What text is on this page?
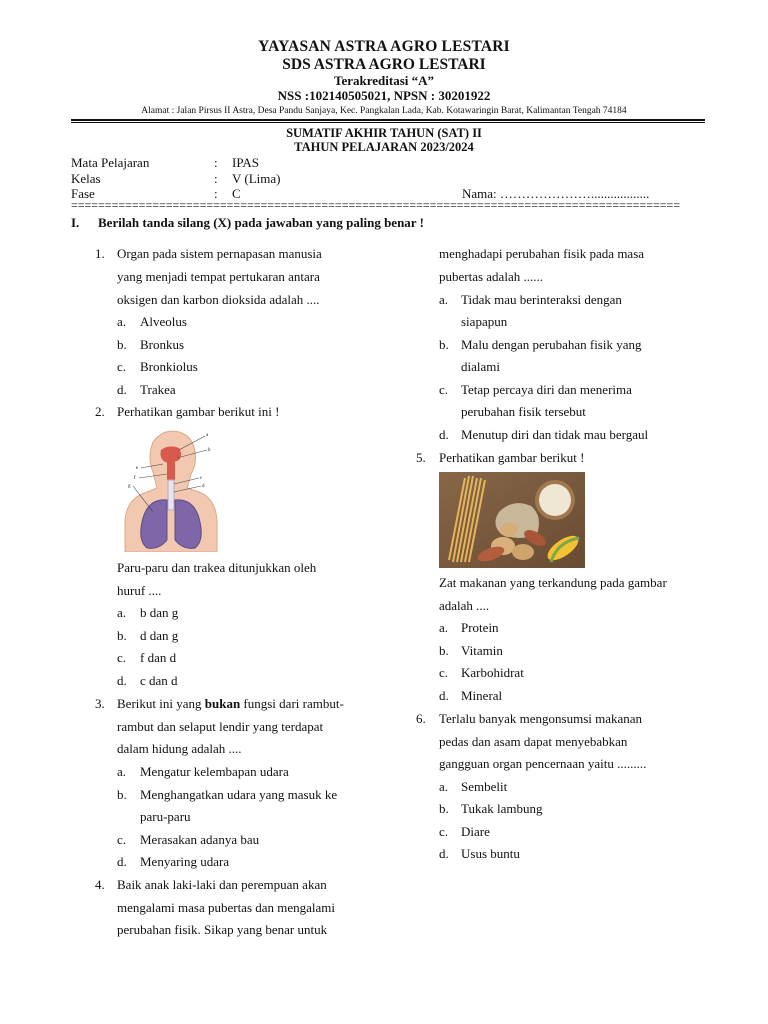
YAYASAN ASTRA AGRO LESTARI
SDS ASTRA AGRO LESTARI
Terakreditasi “A”
NSS :102140505021, NPSN : 30201922
Alamat : Jalan Pirsus II Astra, Desa Pandu Sanjaya, Kec. Pangkalan Lada, Kab. Kotawaringin Barat, Kalimantan Tengah 74184
SUMATIF AKHIR TAHUN (SAT) II
TAHUN PELAJARAN 2023/2024
Mata Pelajaran	: IPAS
Kelas	: V (Lima)
Fase	: C	Nama: …………………..................
==========================================================================================
I. Berilah tanda silang (X) pada jawaban yang paling benar !
1. Organ pada sistem pernapasan manusia
yang menjadi tempat pertukaran antara
oksigen dan karbon dioksida adalah ....
a. Alveolus
b. Bronkus
c. Bronkiolus
d. Trakea
2. Perhatikan gambar berikut ini !
a
b
c
d
e
f
g
Paru-paru dan trakea ditunjukkan oleh
huruf ....
a. b dan g
b. d dan g
c. f dan d
d. c dan d
3. Berikut ini yang bukan fungsi dari rambut-
rambut dan selaput lendir yang terdapat
dalam hidung adalah ....
a. Mengatur kelembapan udara
b. Menghangatkan udara yang masuk ke
paru-paru
c. Merasakan adanya bau
d. Menyaring udara
4. Baik anak laki-laki dan perempuan akan
mengalami masa pubertas dan mengalami
perubahan fisik. Sikap yang benar untuk
menghadapi perubahan fisik pada masa
pubertas adalah ......
a. Tidak mau berinteraksi dengan
siapapun
b. Malu dengan perubahan fisik yang
dialami
c. Tetap percaya diri dan menerima
perubahan fisik tersebut
d. Menutup diri dan tidak mau bergaul
5. Perhatikan gambar berikut !
Zat makanan yang terkandung pada gambar
adalah ....
a. Protein
b. Vitamin
c. Karbohidrat
d. Mineral
6. Terlalu banyak mengonsumsi makanan
pedas dan asam dapat menyebabkan
gangguan organ pencernaan yaitu .........
a. Sembelit
b. Tukak lambung
c. Diare
d. Usus buntu
